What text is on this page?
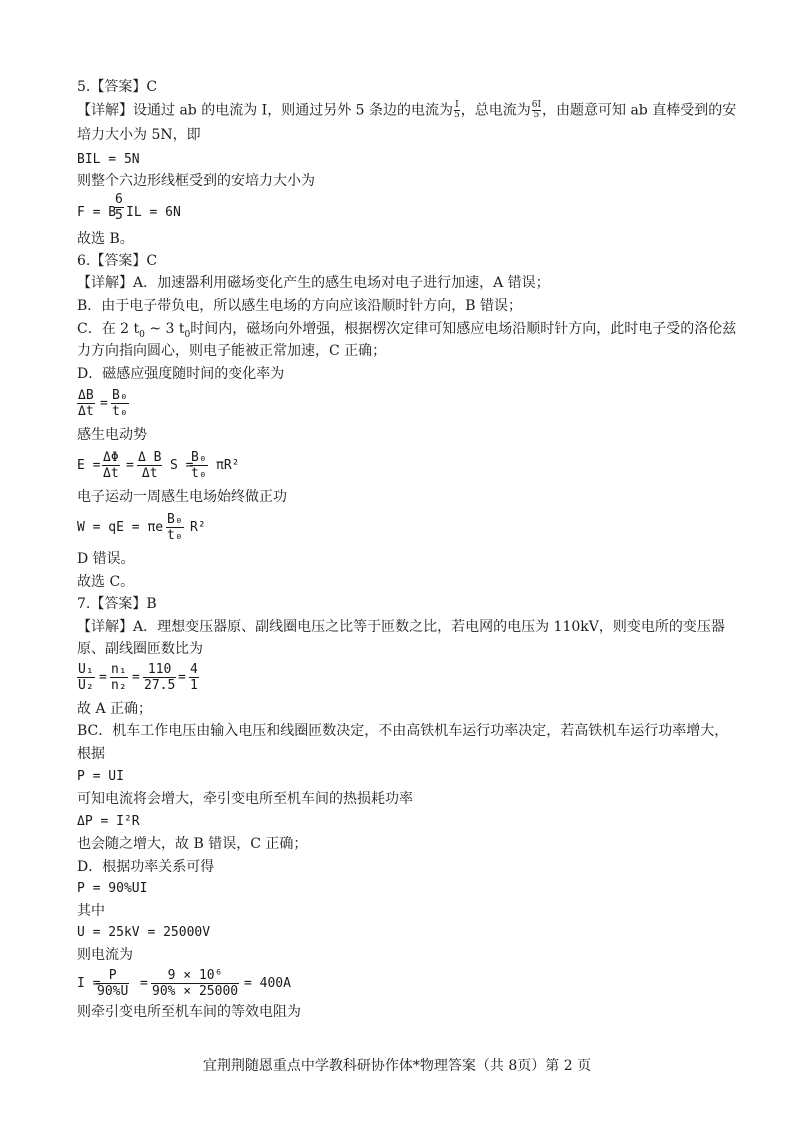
5.【答案】C
【详解】设通过 ab 的电流为 I，则通过另外 5 条边的电流为 $\frac{I}{5}$ ，总电流为 $\frac{6I}{5}$ ，由题意可知 ab 直棒受到的安
培力大小为 5N，即
BIL = 5N
则整个六边形线框受到的安培力大小为
F = B
$\frac{6}{5}$ IL = 6N
故选 B。
6.【答案】C
【详解】A．加速器利用磁场变化产生的感生电场对电子进行加速，A 错误；
B．由于电子带负电，所以感生电场的方向应该沿顺时针方向，B 错误；
C．在 2 $t_0$ ~ 3 $t_0$时间内，磁场向外增强，根据楞次定律可知感应电场沿顺时针方向，此时电子受的洛伦兹
力方向指向圆心，则电子能被正常加速，C 正确；
D．磁感应强度随时间的变化率为
$\frac{\Delta B}{\Delta t} = \frac{\text{B₀}}{\text{t₀}}$
感生电动势
$E = \frac{\Delta\Phi}{\Delta t} = \frac{\text{Δ B}}{\Delta t}$ S =
$\frac{\text{B₀}}{\text{t₀}} \pi R^2$
电子运动一周感生电场始终做正功
W = qE = πe $\frac{\text{B₀}}{\text{t₀}} R^2$
D 错误。
故选 C。
7.【答案】B
【详解】A．理想变压器原、副线圈电压之比等于匝数之比，若电网的电压为 110kV，则变电所的变压器
原、副线圈匝数比为
$\frac{\text{U₁}}{\text{U₂}} = \frac{\text{n₁}}{\text{n₂}} = \frac{110}{27.5} = \frac{4}{1}$
故 A 正确；
BC．机车工作电压由输入电压和线圈匝数决定，不由高铁机车运行功率决定，若高铁机车运行功率增大，
根据
P = UI
可知电流将会增大，牵引变电所至机车间的热损耗功率
ΔP = I²R
也会随之增大，故 B 错误，C 正确；
D．根据功率关系可得
P = 90%UI
其中
U = 25kV = 25000V
则电流为
I =
$\frac{P}{90\%U} = \frac{\text{9 × 10⁶}}{90\% \times 25000} = 400A$
则牵引变电所至机车间的等效电阻为
宜荆荆随恩重点中学教科研协作体*物理答案（共 8页）第 2 页
